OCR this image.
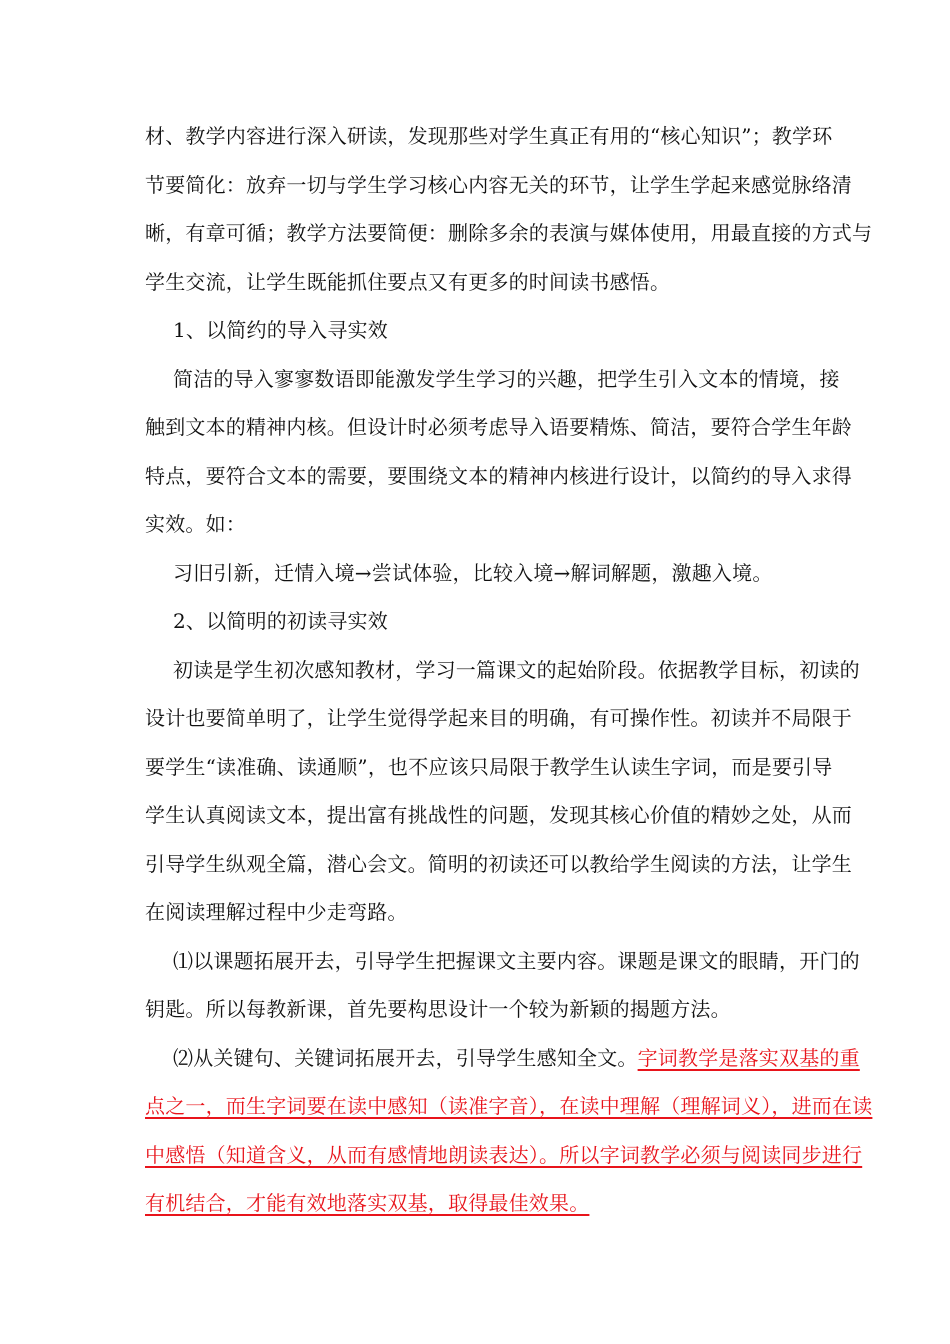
材、教学内容进行深入研读，发现那些对学生真正有用的“核心知识”；教学环
节要简化：放弃一切与学生学习核心内容无关的环节，让学生学起来感觉脉络清
晰，有章可循；教学方法要简便：删除多余的表演与媒体使用，用最直接的方式与
学生交流，让学生既能抓住要点又有更多的时间读书感悟。
1、以简约的导入寻实效
简洁的导入寥寥数语即能激发学生学习的兴趣，把学生引入文本的情境，接
触到文本的精神内核。但设计时必须考虑导入语要精炼、简洁，要符合学生年龄
特点，要符合文本的需要，要围绕文本的精神内核进行设计，以简约的导入求得
实效。如：
习旧引新，迁情入境→尝试体验，比较入境→解词解题，激趣入境。
2、以简明的初读寻实效
初读是学生初次感知教材，学习一篇课文的起始阶段。依据教学目标，初读的
设计也要简单明了，让学生觉得学起来目的明确，有可操作性。初读并不局限于
要学生“读准确、读通顺”，也不应该只局限于教学生认读生字词，而是要引导
学生认真阅读文本，提出富有挑战性的问题，发现其核心价值的精妙之处，从而
引导学生纵观全篇，潜心会文。简明的初读还可以教给学生阅读的方法，让学生
在阅读理解过程中少走弯路。
⑴以课题拓展开去，引导学生把握课文主要内容。课题是课文的眼睛，开门的
钥匙。所以每教新课，首先要构思设计一个较为新颖的揭题方法。
⑵从关键句、关键词拓展开去，引导学生感知全文。字词教学是落实双基的重
点之一，而生字词要在读中感知（读准字音），在读中理解（理解词义），进而在读
中感悟（知道含义，从而有感情地朗读表达）。所以字词教学必须与阅读同步进行
有机结合，才能有效地落实双基，取得最佳效果。
